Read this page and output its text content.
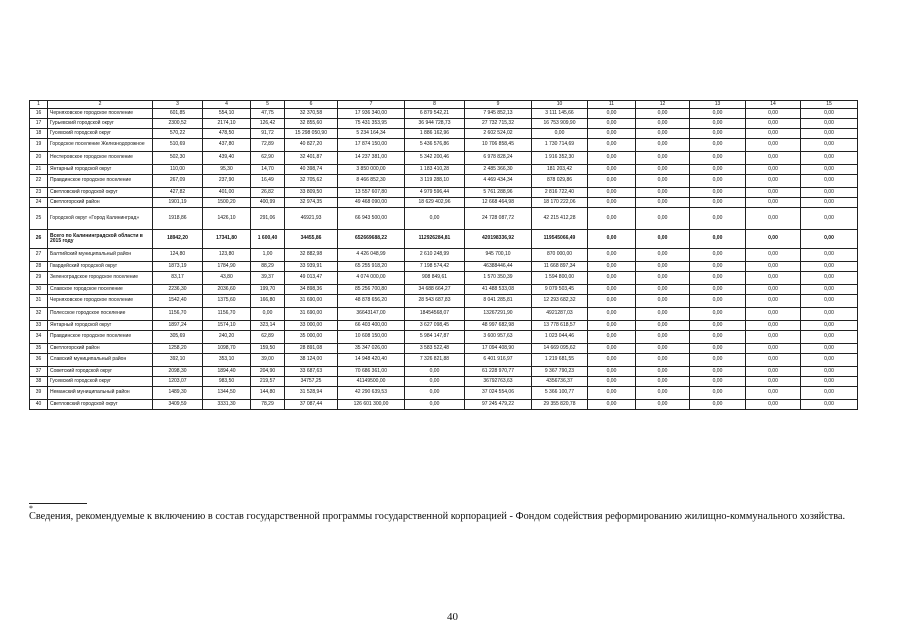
1	2	3	4	5	6	7	8	9	10	11	12	13	14	15
16	Черняховское городское поселение	601,85	554,10	47,75	32 370,58	17 936 340,00	6 879 542,21	7 945 852,13	3 111 145,66	0,00	0,00	0,00	0,00	0,00
17	Гурьевский городской округ	2300,52	2174,10	126,42	32 855,60	75 431 353,95	36 944 728,73	27 732 715,32	16 753 909,90	0,00	0,00	0,00	0,00	0,00
18	Гусевский городской округ	570,22	478,50	91,72	15 298 050,90	5 234 164,34	1 886 162,96	2 602 524,02	0,00	0,00	0,00	0,00	0,00	0,00
19	Городское поселение Железнодорожное	510,69	437,80	72,89	40 827,20	17 874 150,00	5 436 576,86	10 706 858,45	1 730 714,69	0,00	0,00	0,00	0,00	0,00
20	Нестеровское городское поселение	502,30	439,40	62,90	32 401,87	14 237 381,00	5 342 200,46	6 978 828,24	1 916 352,30	0,00	0,00	0,00	0,00	0,00
21	Янтарный городской округ	110,00	95,30	14,70	40 398,74	3 850 000,00	1 183 410,28	2 485 366,30	181 203,42	0,00	0,00	0,00	0,00	0,00
22	Правдинское городское поселение	267,09	237,90	16,49	32 705,62	8 466 852,30	3 119 288,10	4 469 434,34	878 029,86	0,00	0,00	0,00	0,00	0,00
23	Светловский городской округ	427,82	401,00	26,82	33 809,50	13 557 607,80	4 979 596,44	5 761 288,96	2 816 722,40	0,00	0,00	0,00	0,00	0,00
24	Светлогорский район	1901,19	1500,20	400,99	32 974,35	49 468 090,00	18 629 402,96	12 668 464,98	18 170 222,06	0,00	0,00	0,00	0,00	0,00
25	Городской округ «Город Калининград»	1918,86	1426,10	291,06	46921,93	66 943 500,00	0,00	24 728 087,72	42 215 412,28	0,00	0,00	0,00	0,00	0,00
26	Всего по Калининградской области в 2015 году	18942,20	17341,80	1 600,40	34455,86	652669688,22	112926284,81	420198336,92	119545066,49	0,00	0,00	0,00	0,00	0,00
27	Балтийский муниципальный район	124,80	123,80	1,00	32 882,98	4 426 048,99	2 610 248,99	945 700,10	870 000,00	0,00	0,00	0,00	0,00	0,00
28	Гвардейский городской округ	1873,19	1784,90	88,29	33 939,91	65 255 918,20	7 198 574,42	46388446,44	11 668 897,34	0,00	0,00	0,00	0,00	0,00
29	Зеленоградское городское поселение	83,17	43,80	39,37	49 013,47	4 074 000,00	908 849,61	1 570 350,39	1 594 800,00	0,00	0,00	0,00	0,00	0,00
30	Славское городское поселение	2236,30	2036,60	199,70	34 898,36	85 256 700,80	34 688 664,27	41 488 533,08	9 079 503,45	0,00	0,00	0,00	0,00	0,00
31	Черняховское городское поселение	1542,40	1375,60	166,80	31 690,00	48 878 656,20	28 543 687,83	8 041 285,81	12 293 682,32	0,00	0,00	0,00	0,00	0,00
32	Полесское городское поселение	1156,70	1156,70	0,00	31 690,00	36643147,00	18454568,07	13267291,90	4921287,03	0,00	0,00	0,00	0,00	0,00
33	Янтарный городской округ	1897,24	1574,10	323,14	33 000,00	66 403 400,00	3 627 098,45	48 997 682,98	13 778 618,57	0,00	0,00	0,00	0,00	0,00
34	Правдинское городское поселение	305,69	240,20	62,89	35 000,00	10 608 150,00	5 984 147,87	3 600 957,63	1 023 044,46	0,00	0,00	0,00	0,00	0,00
35	Светлогорский район	1258,20	1098,70	159,50	28 891,08	35 347 026,00	3 583 522,48	17 094 408,90	14 669 095,62	0,00	0,00	0,00	0,00	0,00
36	Славский муниципальный район	392,10	353,10	39,00	38 124,00	14 948 420,40	7 326 821,88	6 401 916,97	1 219 681,55	0,00	0,00	0,00	0,00	0,00
37	Советский городской округ	2098,30	1894,40	204,90	33 687,63	70 686 361,00	0,00	61 228 970,77	9 367 790,23	0,00	0,00	0,00	0,00	0,00
38	Гусевский городской округ	1203,07	983,50	219,57	34757,25	41149500,00	0,00	36792763,63	4356736,37	0,00	0,00	0,00	0,00	0,00
39	Неманский муниципальный район	1489,30	1344,50	144,80	31 528,94	42 290 639,53	0,00	37 024 554,06	5 366 100,77	0,00	0,00	0,00	0,00	0,00
40	Светловский городской округ	3409,59	3331,30	78,29	37 087,44	126 601 300,00	0,00	97 245 479,22	29 355 820,78	0,00	0,00	0,00	0,00	0,00
*
Сведения, рекомендуемые к включению в состав государственной программы государственной корпорацией - Фондом содействия реформированию жилищно-коммунального хозяйства.
40
